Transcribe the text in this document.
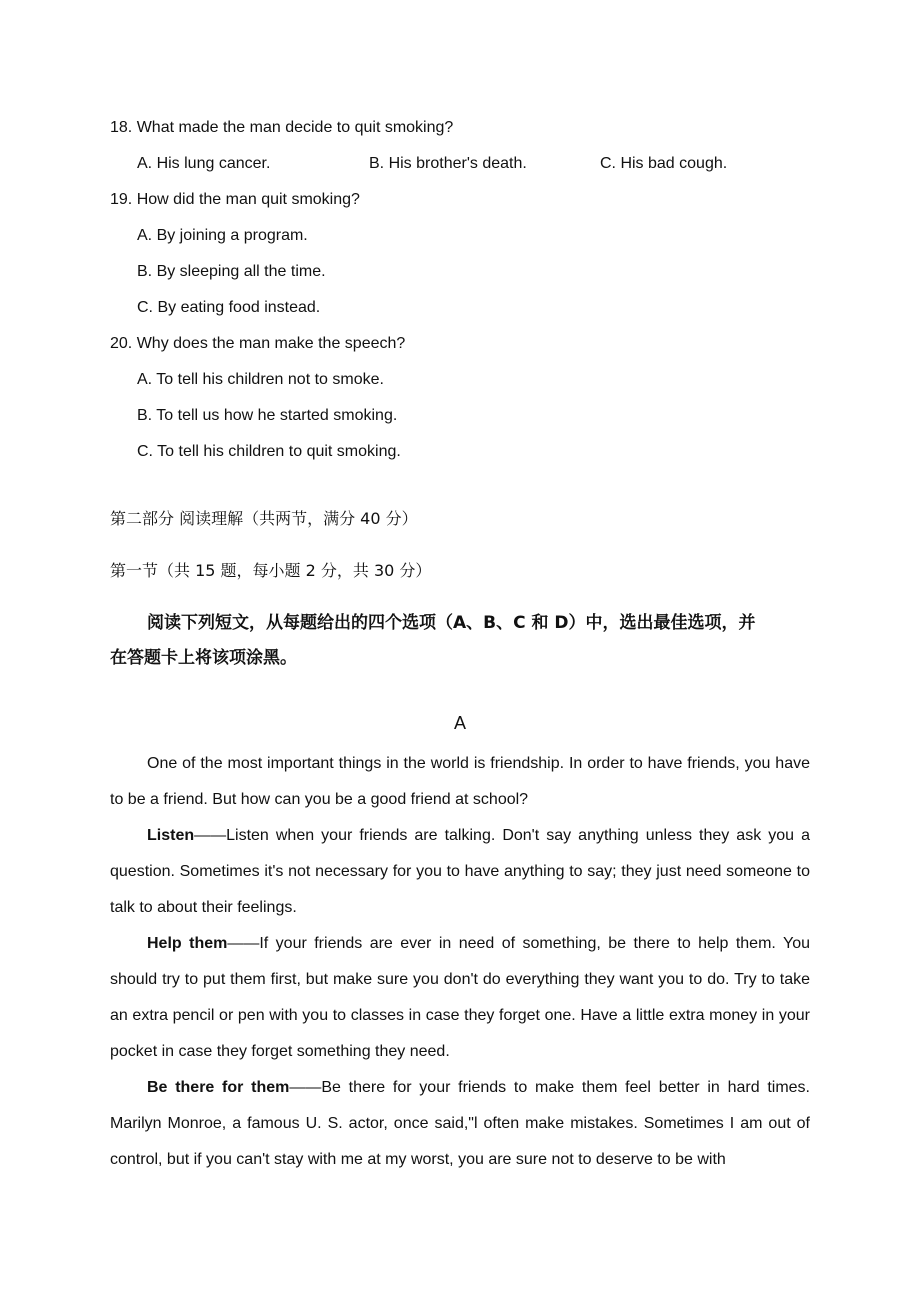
18. What made the man decide to quit smoking?
A. His lung cancer.	B. His brother's death.	C. His bad cough.
19. How did the man quit smoking?
A. By joining a program.
B. By sleeping all the time.
C. By eating food instead.
20. Why does the man make the speech?
A. To tell his children not to smoke.
B. To tell us how he started smoking.
C. To tell his children to quit smoking.
第二部分 阅读理解（共两节，满分 40 分）
第一节（共 15 题，每小题 2 分，共 30 分）
阅读下列短文，从每题给出的四个选项（A、B、C 和 D）中，选出最佳选项，并
在答题卡上将该项涂黑。
A

One of the most important things in the world is friendship. In order to have friends, you have to be a friend. But how can you be a good friend at school?

Listen——Listen when your friends are talking. Don't say anything unless they ask you a question. Sometimes it's not necessary for you to have anything to say; they just need someone to talk to about their feelings.

Help them——If your friends are ever in need of something, be there to help them. You should try to put them first, but make sure you don't do everything they want you to do. Try to take an extra pencil or pen with you to classes in case they forget one. Have a little extra money in your pocket in case they forget something they need.

Be there for them——Be there for your friends to make them feel better in hard times. Marilyn Monroe, a famous U. S. actor, once said,"l often make mistakes. Sometimes I am out of control, but if you can't stay with me at my worst, you are sure not to deserve to be with
